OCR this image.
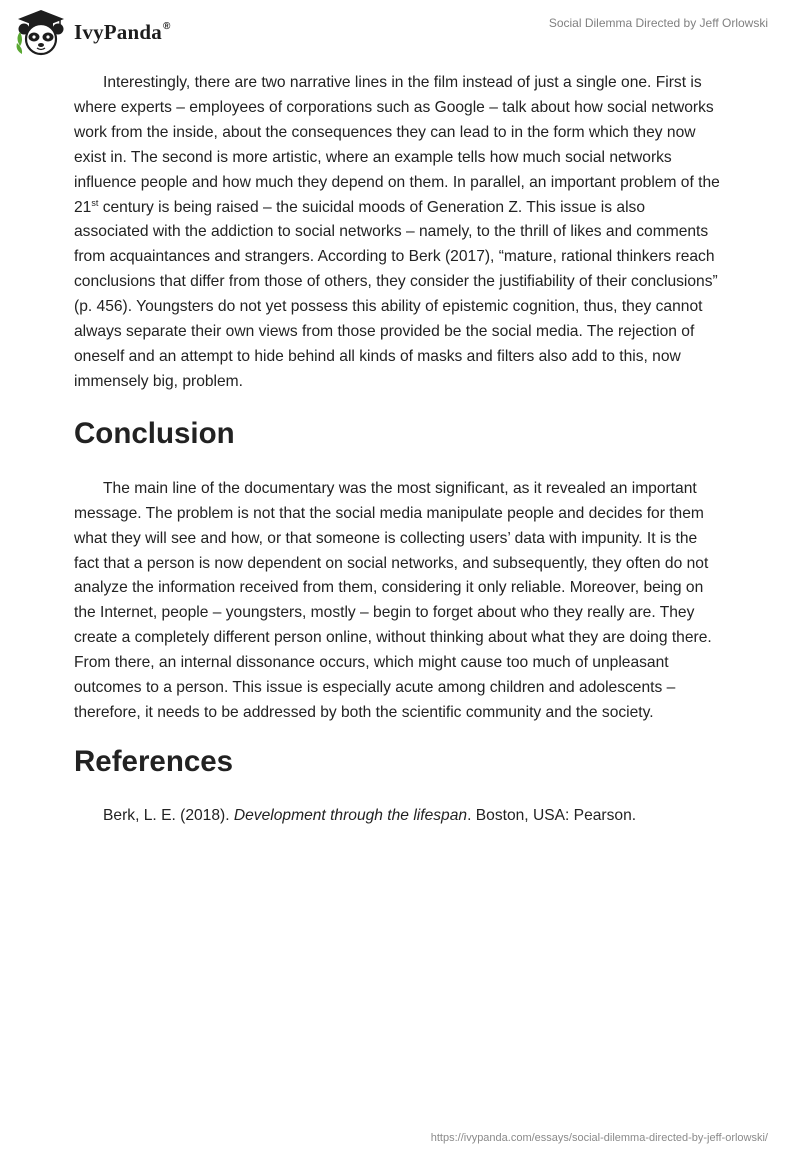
IvyPanda®	Social Dilemma Directed by Jeff Orlowski

Interestingly, there are two narrative lines in the film instead of just a single one. First is where experts – employees of corporations such as Google – talk about how social networks work from the inside, about the consequences they can lead to in the form which they now exist in. The second is more artistic, where an example tells how much social networks influence people and how much they depend on them. In parallel, an important problem of the 21st century is being raised – the suicidal moods of Generation Z. This issue is also associated with the addiction to social networks – namely, to the thrill of likes and comments from acquaintances and strangers. According to Berk (2017), “mature, rational thinkers reach conclusions that differ from those of others, they consider the justifiability of their conclusions” (p. 456). Youngsters do not yet possess this ability of epistemic cognition, thus, they cannot always separate their own views from those provided be the social media. The rejection of oneself and an attempt to hide behind all kinds of masks and filters also add to this, now immensely big, problem.

Conclusion

The main line of the documentary was the most significant, as it revealed an important message. The problem is not that the social media manipulate people and decides for them what they will see and how, or that someone is collecting users’ data with impunity. It is the fact that a person is now dependent on social networks, and subsequently, they often do not analyze the information received from them, considering it only reliable. Moreover, being on the Internet, people – youngsters, mostly – begin to forget about who they really are. They create a completely different person online, without thinking about what they are doing there. From there, an internal dissonance occurs, which might cause too much of unpleasant outcomes to a person. This issue is especially acute among children and adolescents – therefore, it needs to be addressed by both the scientific community and the society.

References

Berk, L. E. (2018). Development through the lifespan. Boston, USA: Pearson.

https://ivypanda.com/essays/social-dilemma-directed-by-jeff-orlowski/
